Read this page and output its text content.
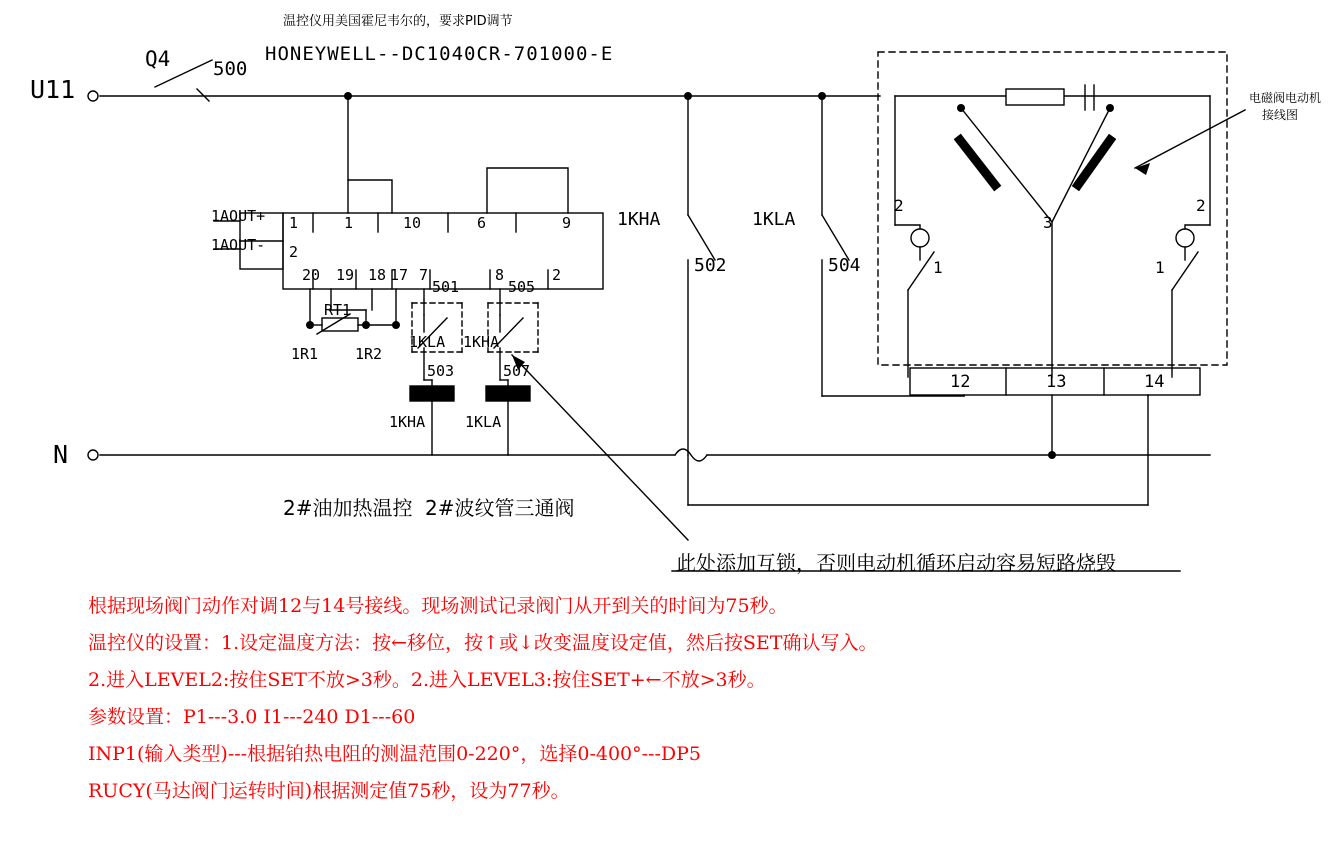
温控仪用美国霍尼韦尔的，要求PID调节
HONEYWELL--DC1040CR-701000-E
U11
N
Q4 500
1AOUT+
1AOUT-
1
2
1	10	6	9
20 19 18 17 7	8	2
RT1
1R1 1R2
501	505
1KLA 1KHA
503	507
1KHA	1KLA
1KHA	1KLA
502	504
2
1
2
1
3
12	13	14
电磁阀电动机
接线图
2#油加热温控 2#波纹管三通阀
此处添加互锁，否则电动机循环启动容易短路烧毁
根据现场阀门动作对调12与14号接线。现场测试记录阀门从开到关的时间为75秒。
温控仪的设置：1.设定温度方法：按←移位，按↑或↓改变温度设定值，然后按SET确认写入。
2.进入LEVEL2:按住SET不放>3秒。2.进入LEVEL3:按住SET+←不放>3秒。
参数设置：P1---3.0 I1---240 D1---60
INP1(输入类型)---根据铂热电阻的测温范围0-220°，选择0-400°---DP5
RUCY(马达阀门运转时间)根据测定值75秒，设为77秒。
